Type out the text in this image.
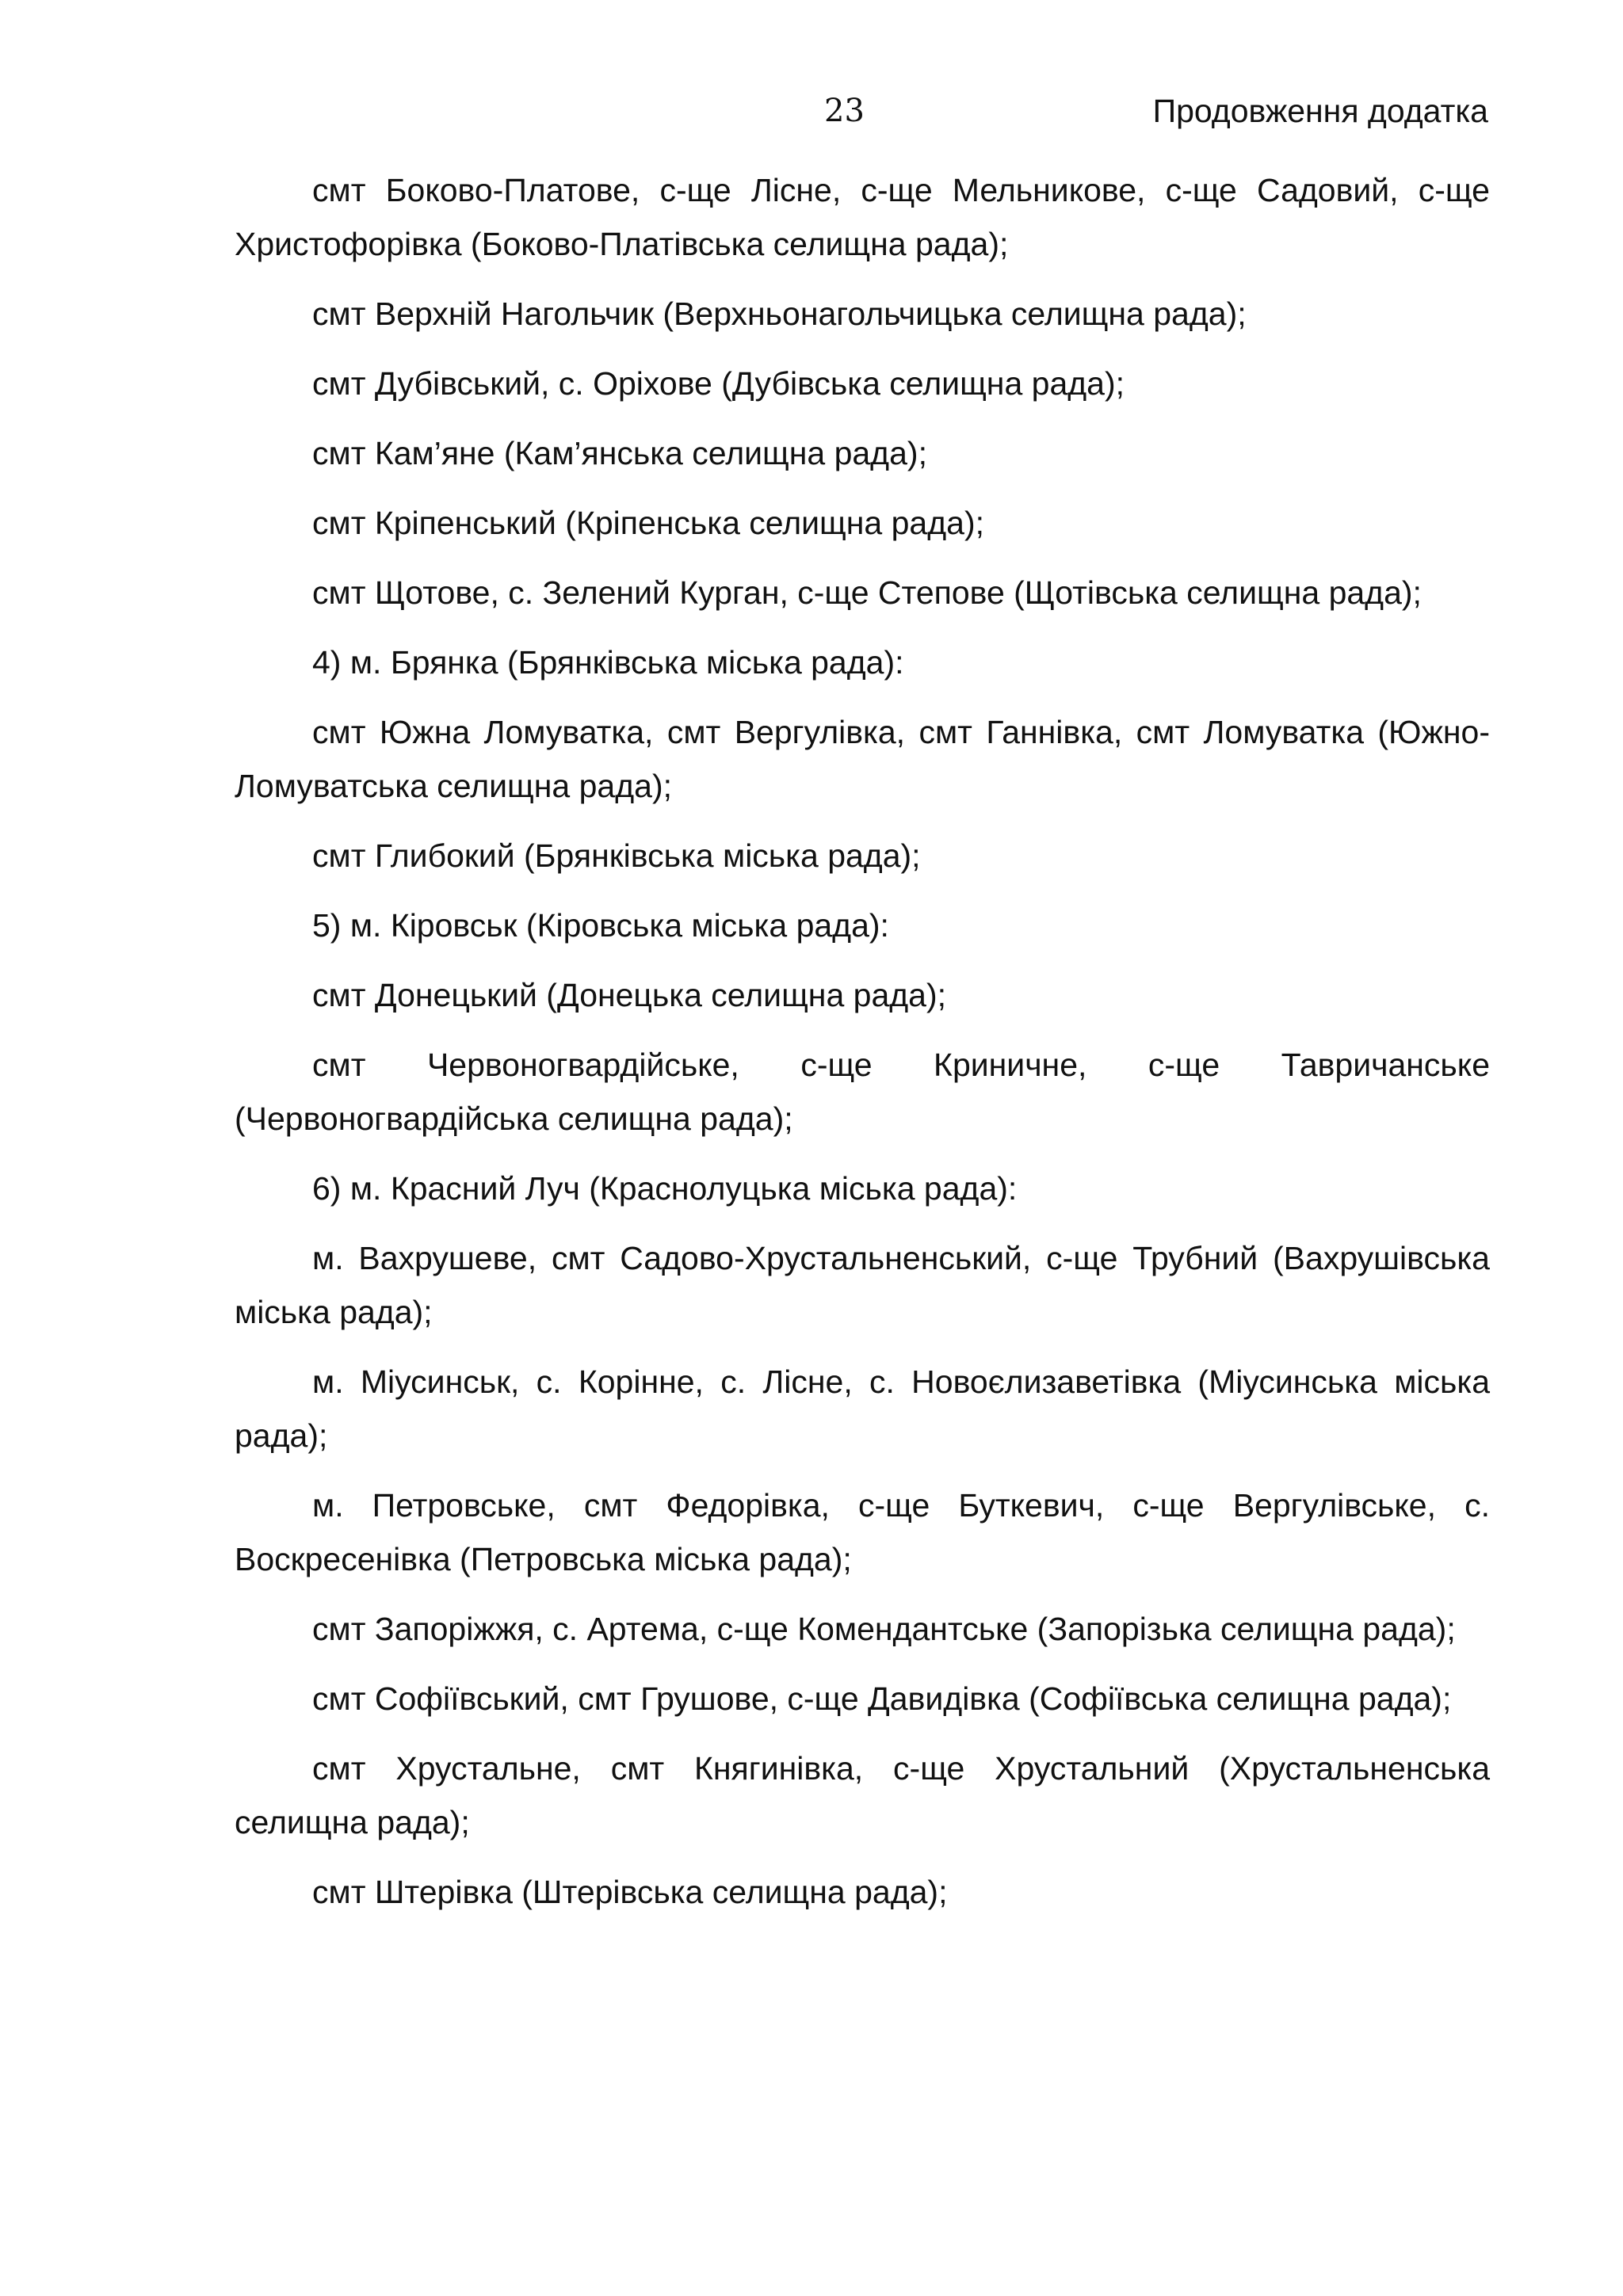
23	Продовження додатка

смт Боково-Платове, с-ще Лісне, с-ще Мельникове, с-ще Садовий, с-ще Христофорівка (Боково-Платівська селищна рада);

смт Верхній Нагольчик (Верхньонагольчицька селищна рада);

смт Дубівський, с. Оріхове (Дубівська селищна рада);

смт Кам’яне (Кам’янська селищна рада);

смт Кріпенський (Кріпенська селищна рада);

смт Щотове, с. Зелений Курган, с-ще Степове (Щотівська селищна рада);

4) м. Брянка (Брянківська міська рада):

смт Южна Ломуватка, смт Вергулівка, смт Ганнівка, смт Ломуватка (Южно-Ломуватська селищна рада);

смт Глибокий (Брянківська міська рада);

5) м. Кіровськ (Кіровська міська рада):

смт Донецький (Донецька селищна рада);

смт Червоногвардійське, с-ще Криничне, с-ще Тавричанське (Червоногвардійська селищна рада);

6) м. Красний Луч (Краснолуцька міська рада):

м. Вахрушеве, смт Садово-Хрустальненський, с-ще Трубний (Вахрушівська міська рада);

м. Міусинськ, с. Корінне, с. Лісне, с. Новоєлизаветівка (Міусинська міська рада);

м. Петровське, смт Федорівка, с-ще Буткевич, с-ще Вергулівське, с. Воскресенівка (Петровська міська рада);

смт Запоріжжя, с. Артема, с-ще Комендантське (Запорізька селищна рада);

смт Софіївський, смт Грушове, с-ще Давидівка (Софіївська селищна рада);

смт Хрустальне, смт Княгинівка, с-ще Хрустальний (Хрустальненська селищна рада);

смт Штерівка (Штерівська селищна рада);
